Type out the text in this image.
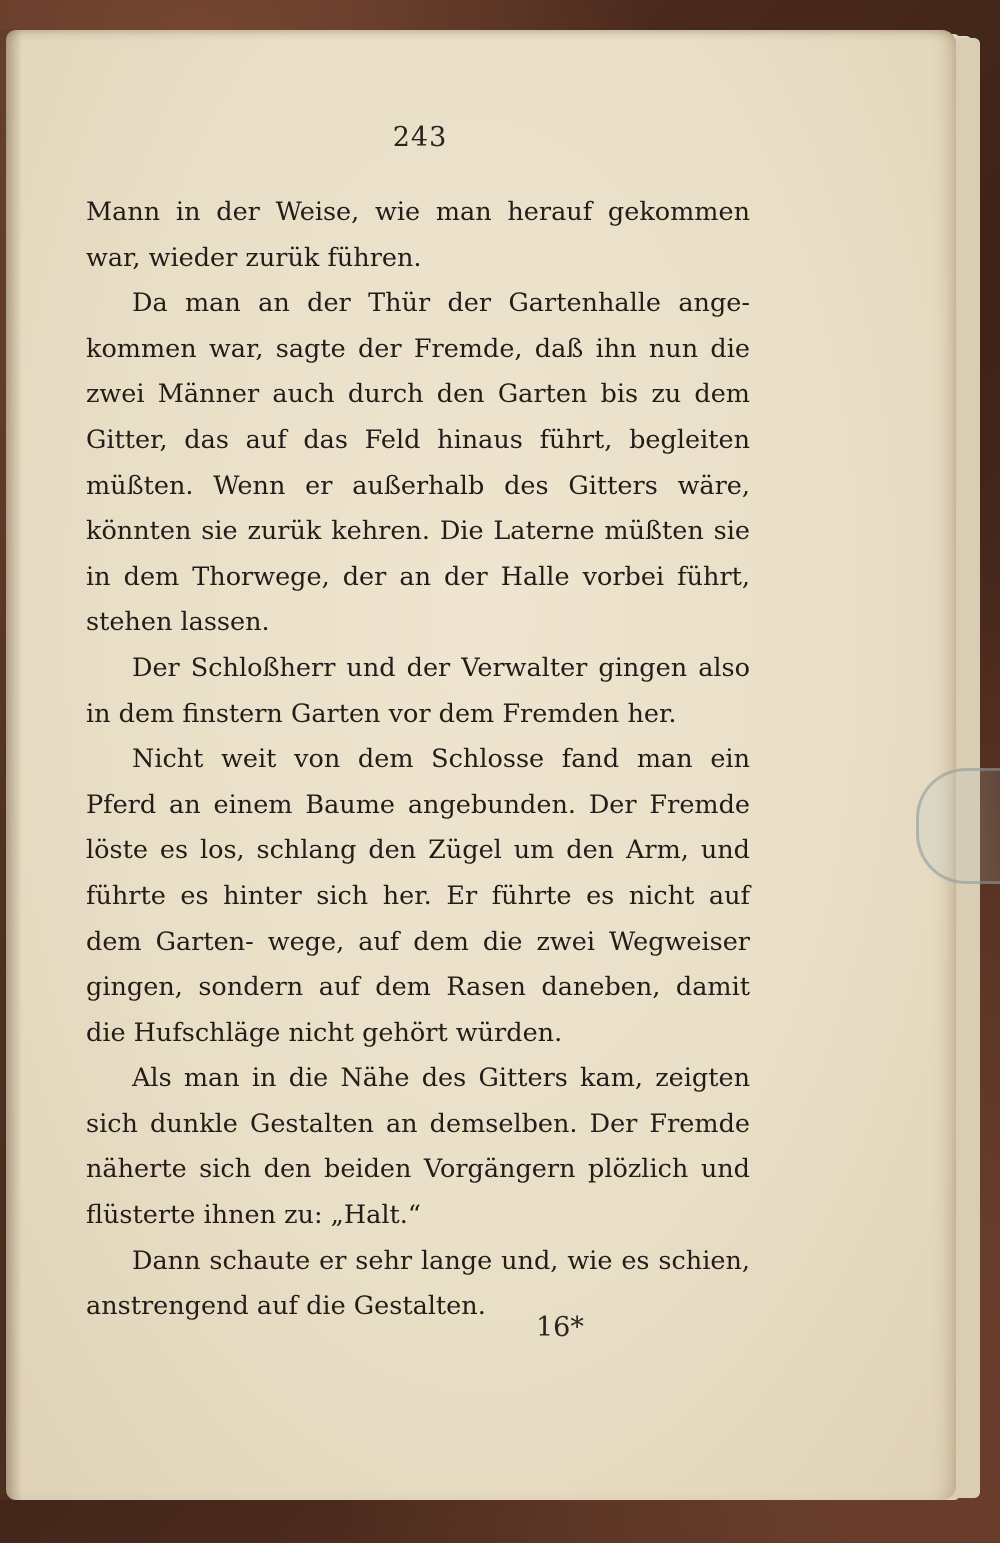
243

Mann in der Weise, wie man herauf gekommen war, wieder zurük führen.

Da man an der Thür der Gartenhalle ange- kommen war, sagte der Fremde, daß ihn nun die zwei Männer auch durch den Garten bis zu dem Gitter, das auf das Feld hinaus führt, begleiten müßten. Wenn er außerhalb des Gitters wäre, könnten sie zurük kehren. Die Laterne müßten sie in dem Thorwege, der an der Halle vorbei führt, stehen lassen.

Der Schloßherr und der Verwalter gingen also in dem finstern Garten vor dem Fremden her.

Nicht weit von dem Schlosse fand man ein Pferd an einem Baume angebunden. Der Fremde löste es los, schlang den Zügel um den Arm, und führte es hinter sich her. Er führte es nicht auf dem Garten- wege, auf dem die zwei Wegweiser gingen, sondern auf dem Rasen daneben, damit die Hufschläge nicht gehört würden.

Als man in die Nähe des Gitters kam, zeigten sich dunkle Gestalten an demselben. Der Fremde näherte sich den beiden Vorgängern plözlich und flüsterte ihnen zu: „Halt.“

Dann schaute er sehr lange und, wie es schien, anstrengend auf die Gestalten.

16*
